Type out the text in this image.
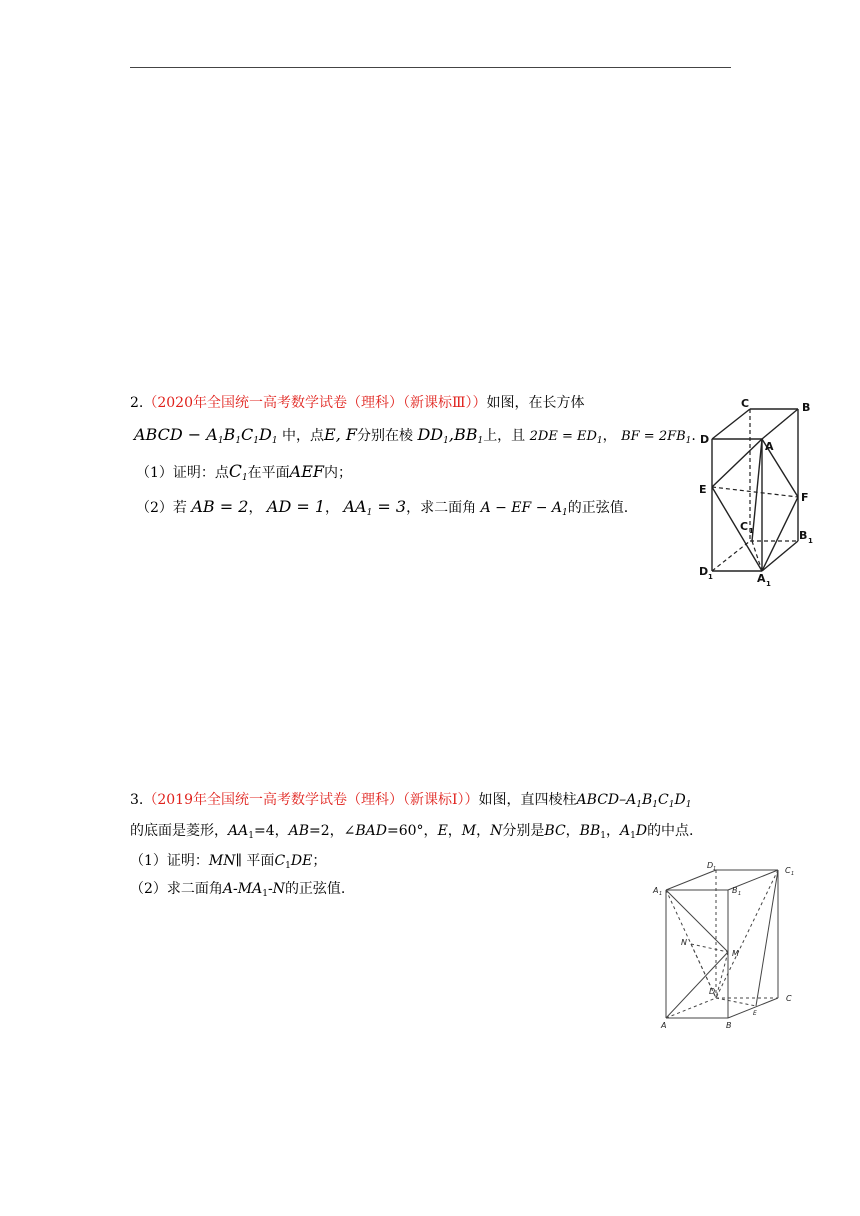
2.（2020年全国统一高考数学试卷（理科）（新课标Ⅲ））如图，在长方体
ABCD − $A_1B_1C_1D_1$ 中，点E, F分别在棱 $DD_1,BB_1$上，且 $2DE = ED_1$， BF = $2FB_1$.
（1）证明：点$C_1$在平面AEF内；
（2）若 AB = 2， AD = 1， $AA_1 = 3$，求二面角 A − EF − $A_1$的正弦值.
C	B
D
A
E
F
C 1	B 1
D 1	A 1
3.（2019年全国统一高考数学试卷（理科）（新课标Ⅰ））如图，直四棱柱ABCD–$A_1B_1C_1D_1$
的底面是菱形，$AA_1=4$，AB=2，∠BAD=60°，E，M，N分别是BC，$BB_1$，$A_1D$的中点.
（1）证明：MN∥ 平面$C_1DE$；
（2）求二面角$A-MA_1-N$的正弦值.
D 1	C 1
A 1	B 1
N
M
D
C
E
A	B
